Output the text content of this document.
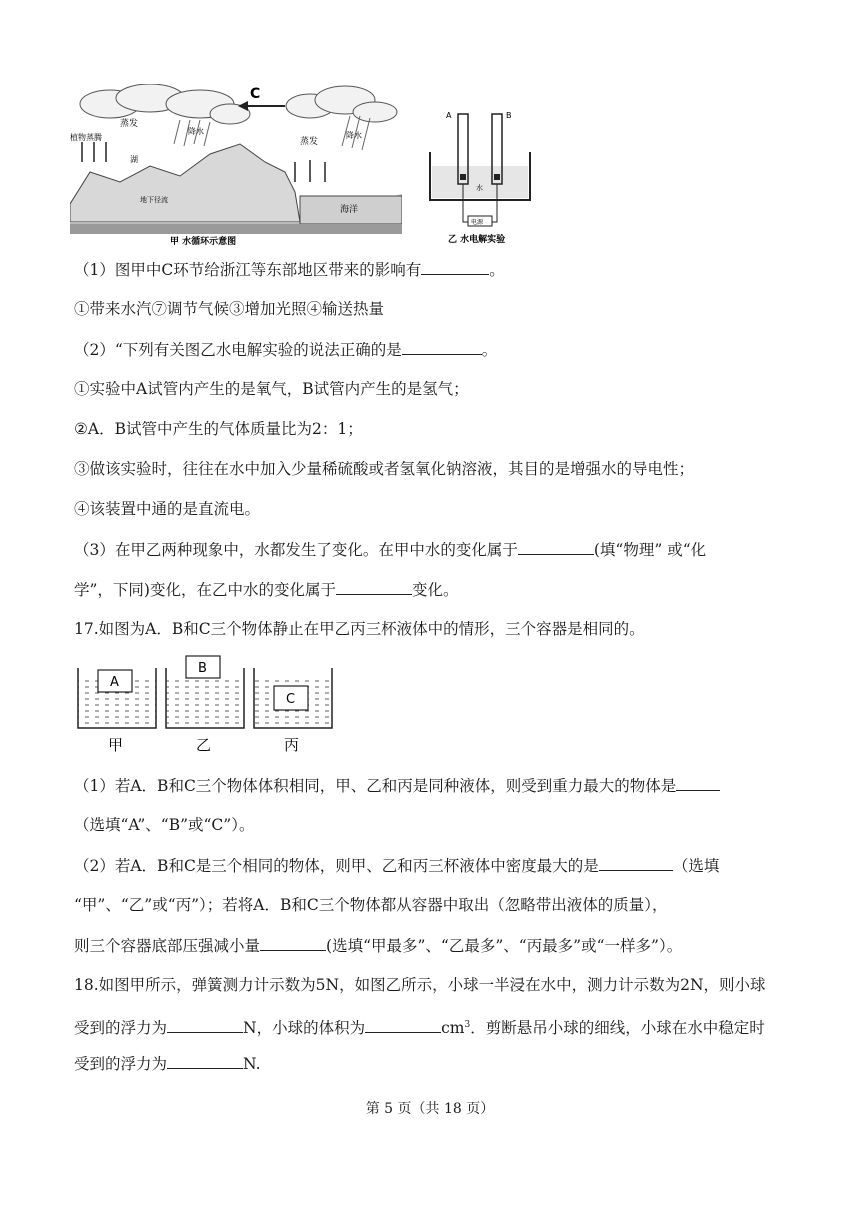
C
蒸发
植物蒸腾
湖
降水
蒸发
降水
地下径流
海洋
甲 水循环示意图
A	B
水
电源
乙 水电解实验
（1）图甲中C环节给浙江等东部地区带来的影响有	。
①带来水汽⑦调节气候③增加光照④输送热量
（2）“下列有关图乙水电解实验的说法正确的是	。
①实验中A试管内产生的是氧气，B试管内产生的是氢气；
②A．B试管中产生的气体质量比为2：1；
③做该实验时，往往在水中加入少量稀硫酸或者氢氧化钠溶液，其目的是增强水的导电性；
④该装置中通的是直流电。
（3）在甲乙两种现象中，水都发生了变化。在甲中水的变化属于	(填“物理” 或“化
学”，下同)变化，在乙中水的变化属于	变化。
17.如图为A．B和C三个物体静止在甲乙丙三杯液体中的情形，三个容器是相同的。
A
B
C
甲	乙	丙
（1）若A．B和C三个物体体积相同，甲、乙和丙是同种液体，则受到重力最大的物体是
（选填“A”、“B”或“C”）。
（2）若A．B和C是三个相同的物体，则甲、乙和丙三杯液体中密度最大的是	（选填
“甲”、“乙”或“丙”）；若将A．B和C三个物体都从容器中取出（忽略带出液体的质量），
则三个容器底部压强减小量	(选填“甲最多”、“乙最多”、“丙最多”或“一样多”）。
18.如图甲所示，弹簧测力计示数为5N，如图乙所示，小球一半浸在水中，测力计示数为2N，则小球
受到的浮力为	N，小球的体积为	$cm^3$．剪断悬吊小球的细线，小球在水中稳定时
受到的浮力为	N.
第 5 页（共 18 页）
